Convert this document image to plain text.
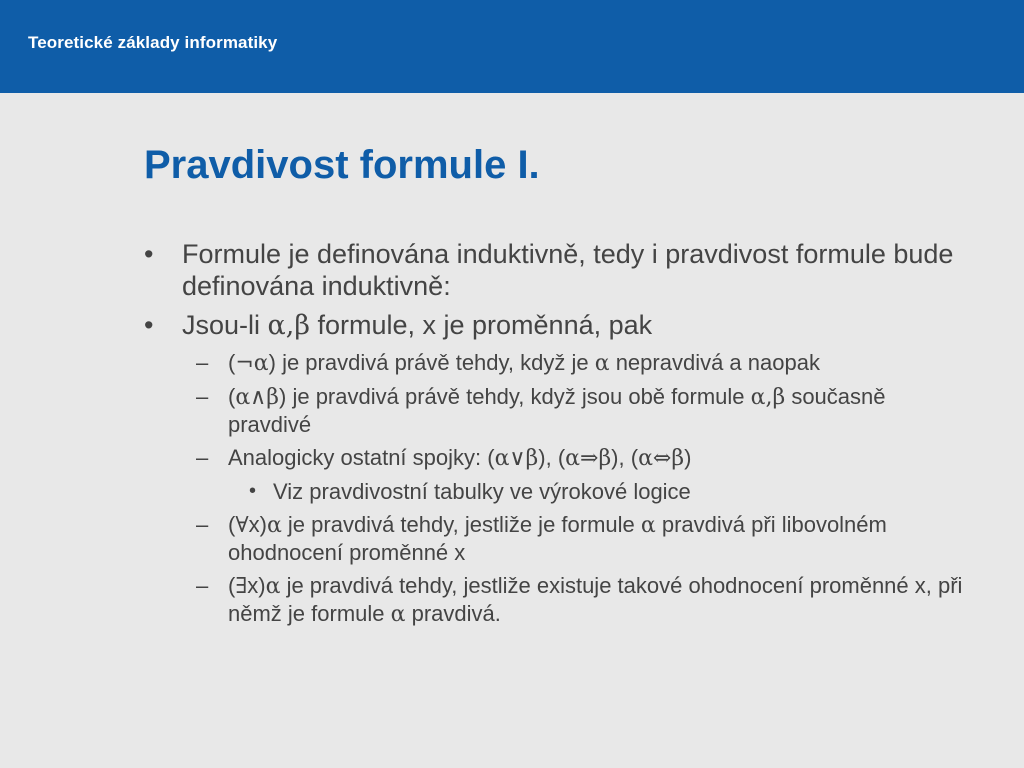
Teoretické základy informatiky
Pravdivost formule I.

• Formule je definována induktivně, tedy i pravdivost formule bude definována induktivně:

• Jsou-li α,β formule, x je proměnná, pak

– (¬α) je pravdivá právě tehdy, když je α nepravdivá a naopak

– (α∧β) je pravdivá právě tehdy, když jsou obě formule α,β současně pravdivé

– Analogicky ostatní spojky: (α∨β), (α⇒β), (α⇔β)

• Viz pravdivostní tabulky ve výrokové logice

– (∀x)α je pravdivá tehdy, jestliže je formule α pravdivá při libovolném ohodnocení proměnné x

– (∃x)α je pravdivá tehdy, jestliže existuje takové ohodnocení proměnné x, při němž je formule α pravdivá.
